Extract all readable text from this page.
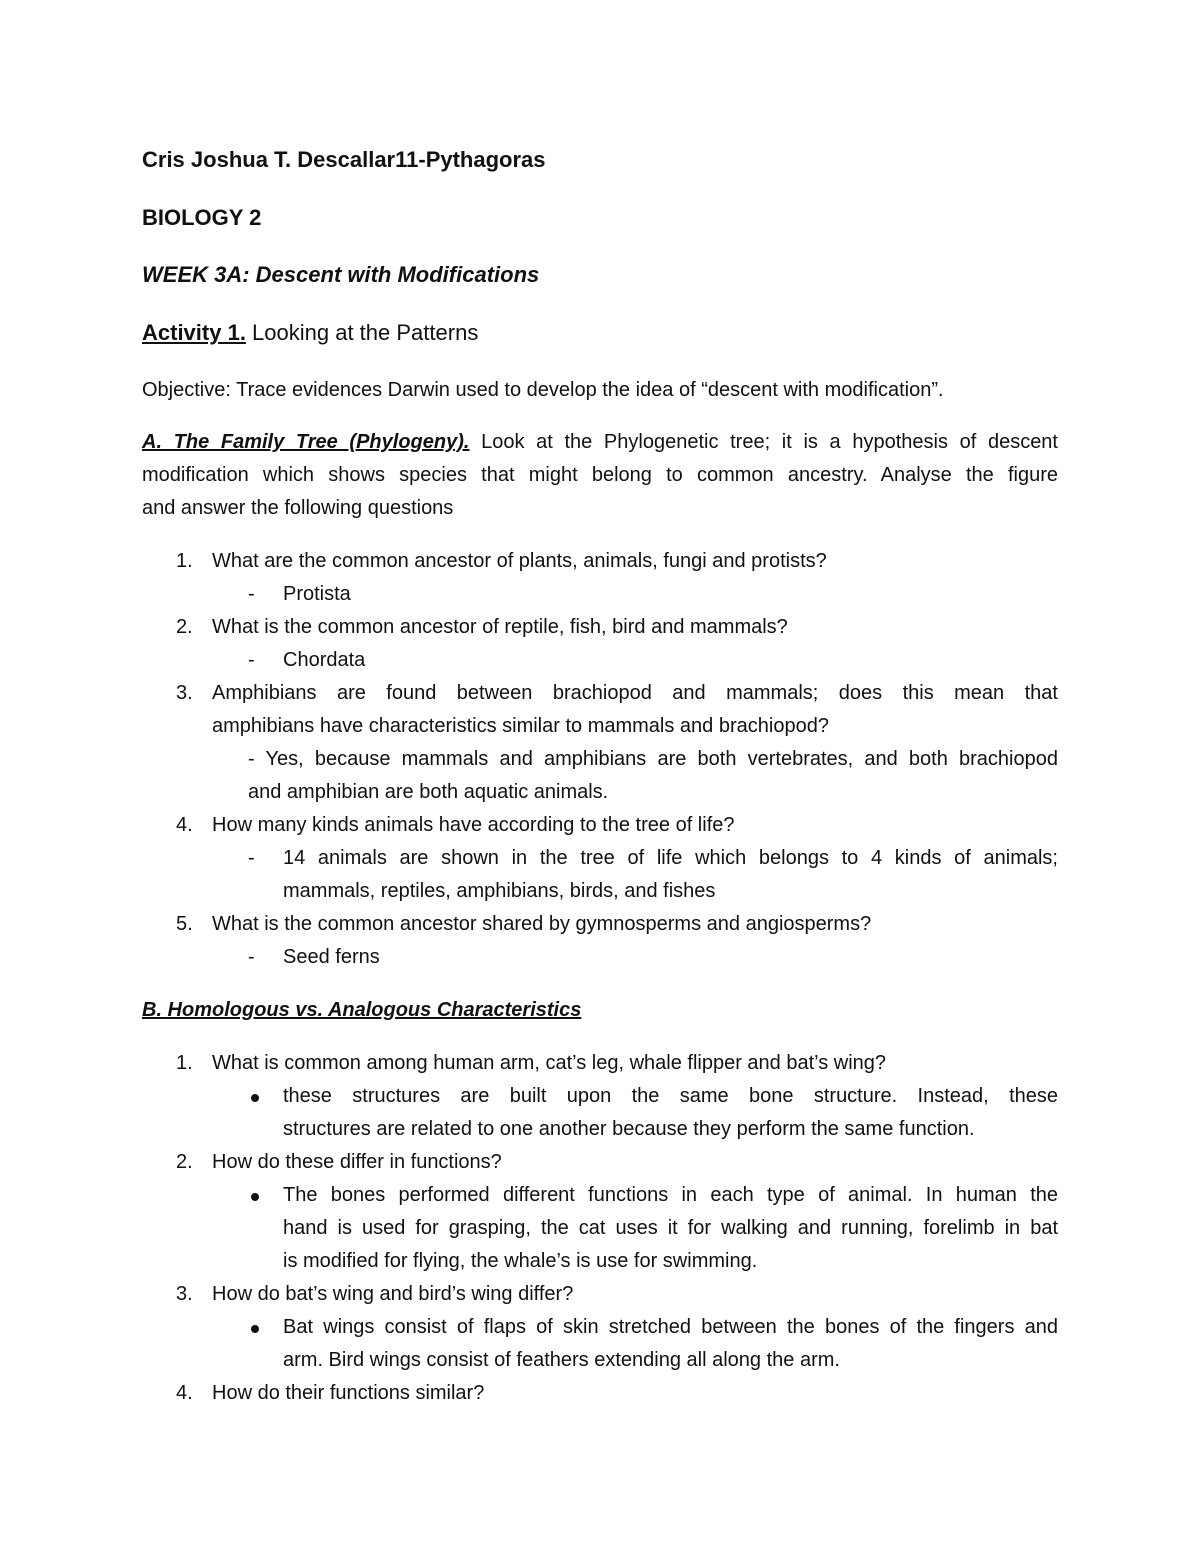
Cris Joshua T. Descallar11-Pythagoras
BIOLOGY 2
WEEK 3A: Descent with Modifications
Activity 1. Looking at the Patterns
Objective: Trace evidences Darwin used to develop the idea of “descent with modification”.
A. The Family Tree (Phylogeny). Look at the Phylogenetic tree; it is a hypothesis of descent
modification which shows species that might belong to common ancestry. Analyse the figure
and answer the following questions
1. What are the common ancestor of plants, animals, fungi and protists?
- Protista
2. What is the common ancestor of reptile, fish, bird and mammals?
- Chordata
3. Amphibians are found between brachiopod and mammals; does this mean that
amphibians have characteristics similar to mammals and brachiopod?
- Yes, because mammals and amphibians are both vertebrates, and both brachiopod
and amphibian are both aquatic animals.
4. How many kinds animals have according to the tree of life?
- 14 animals are shown in the tree of life which belongs to 4 kinds of animals;
mammals, reptiles, amphibians, birds, and fishes
5. What is the common ancestor shared by gymnosperms and angiosperms?
- Seed ferns
B. Homologous vs. Analogous Characteristics
1. What is common among human arm, cat’s leg, whale flipper and bat’s wing?
these structures are built upon the same bone structure. Instead, these
structures are related to one another because they perform the same function.
2. How do these differ in functions?
The bones performed different functions in each type of animal. In human the
hand is used for grasping, the cat uses it for walking and running, forelimb in bat
is modified for flying, the whale’s is use for swimming.
3. How do bat’s wing and bird’s wing differ?
Bat wings consist of flaps of skin stretched between the bones of the fingers and
arm. Bird wings consist of feathers extending all along the arm.
4. How do their functions similar?
